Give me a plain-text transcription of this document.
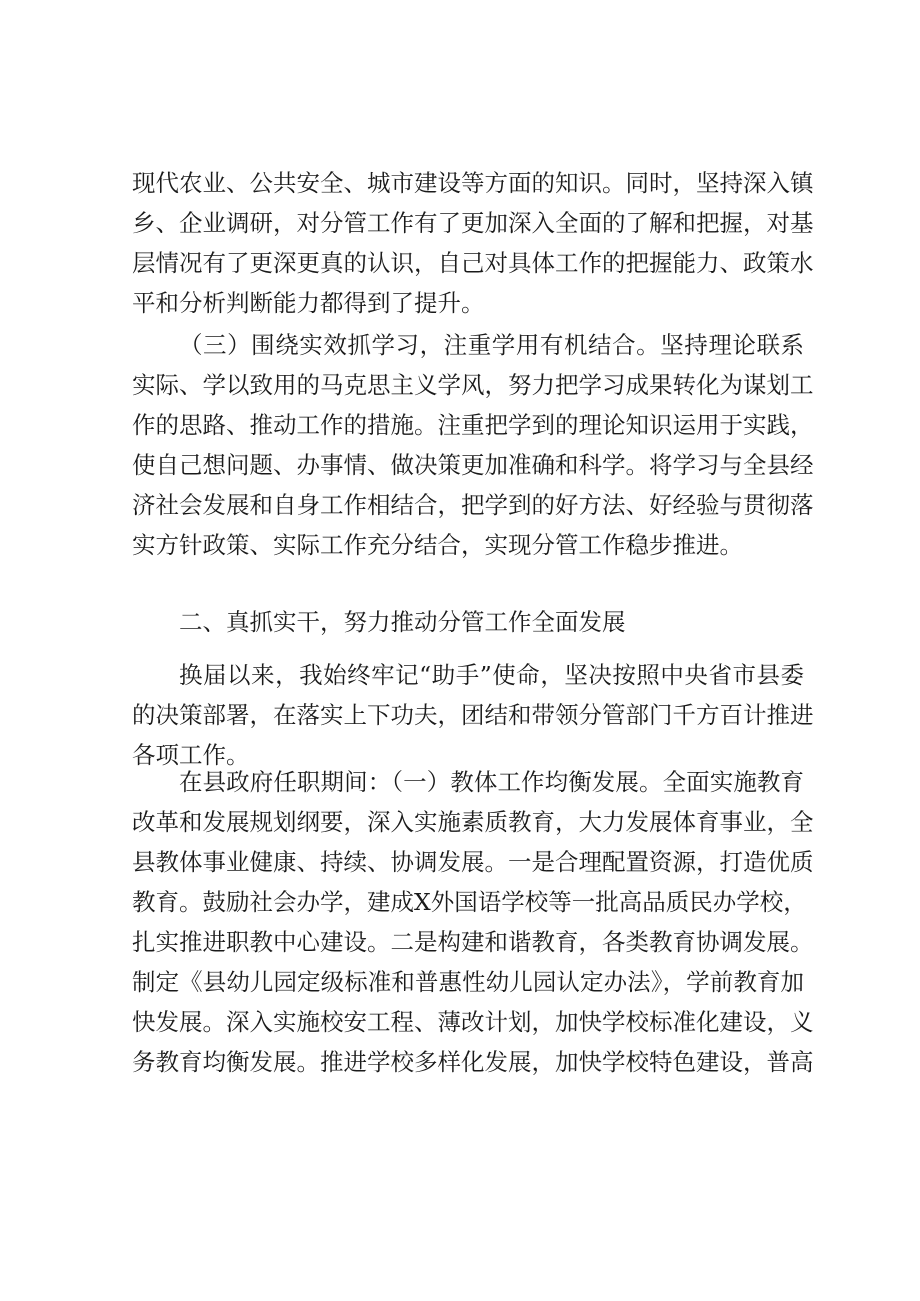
现代农业、公共安全、城市建设等方面的知识。同时，坚持深入镇
乡、企业调研，对分管工作有了更加深入全面的了解和把握，对基
层情况有了更深更真的认识，自己对具体工作的把握能力、政策水
平和分析判断能力都得到了提升。
（三）围绕实效抓学习，注重学用有机结合。坚持理论联系
实际、学以致用的马克思主义学风，努力把学习成果转化为谋划工
作的思路、推动工作的措施。注重把学到的理论知识运用于实践，
使自己想问题、办事情、做决策更加准确和科学。将学习与全县经
济社会发展和自身工作相结合，把学到的好方法、好经验与贯彻落
实方针政策、实际工作充分结合，实现分管工作稳步推进。
二、真抓实干，努力推动分管工作全面发展
换届以来，我始终牢记“助手”使命，坚决按照中央省市县委
的决策部署，在落实上下功夫，团结和带领分管部门千方百计推进
各项工作。
在县政府任职期间：（一）教体工作均衡发展。全面实施教育
改革和发展规划纲要，深入实施素质教育，大力发展体育事业，全
县教体事业健康、持续、协调发展。一是合理配置资源，打造优质
教育。鼓励社会办学，建成X外国语学校等一批高品质民办学校，
扎实推进职教中心建设。二是构建和谐教育，各类教育协调发展。
制定《县幼儿园定级标准和普惠性幼儿园认定办法》，学前教育加
快发展。深入实施校安工程、薄改计划，加快学校标准化建设，义
务教育均衡发展。推进学校多样化发展，加快学校特色建设，普高
